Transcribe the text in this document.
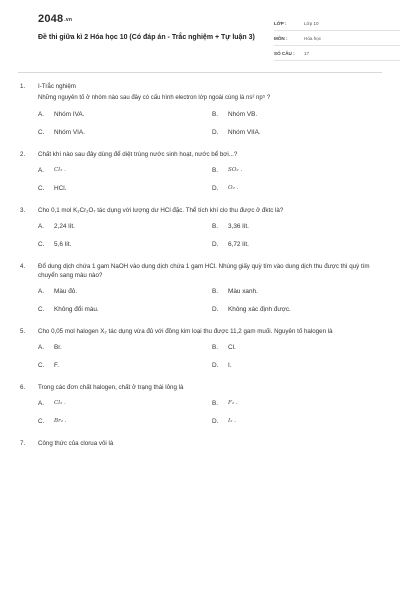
2048.vn
Đề thi giữa kì 2 Hóa học 10 (Có đáp án - Trắc nghiệm + Tự luận 3)
LỚP :	Lớp 10
MÔN :	Hóa học
SỐ CÂU :	17
1.	I-Trắc nghiệm
Những nguyên tố ở nhóm nào sau đây có cấu hình electron lớp ngoài cùng là ns² np⁵ ?
A.	Nhóm IVA.	B.	Nhóm VB.
C.	Nhóm VIA.	D.	Nhóm VIIA.
2.	Chất khí nào sau đây dùng để diệt trùng nước sinh hoạt, nước bể bơi...?
A.	Cl₂ .	B.	SO₂ .
C.	HCl.	D.	O₂ .
3.	Cho 0,1 mol K₂Cr₂O₇ tác dụng với lượng dư HCl đặc. Thể tích khí clo thu được ở đktc là?
A.	2,24 lít.	B.	3,36 lít.
C.	5,6 lít.	D.	6,72 lít.
4.	Đổ dung dịch chứa 1 gam NaOH vào dung dịch chứa 1 gam HCl. Nhúng giấy quỳ tím vào dung dịch thu được thì quỳ tím chuyển sang màu nào?
A.	Màu đỏ.	B.	Màu xanh.
C.	Không đổi màu.	D.	Không xác định được.
5.	Cho 0,05 mol halogen X₂ tác dụng vừa đủ với đồng kim loại thu được 11,2 gam muối. Nguyên tố halogen là
A.	Br.	B.	Cl.
C.	F.	D.	I.
6.	Trong các đơn chất halogen, chất ở trạng thái lỏng là
A.	Cl₂ .	B.	F₂ .
C.	Br₂ .	D.	I₂ .
7.	Công thức của clorua vôi là
